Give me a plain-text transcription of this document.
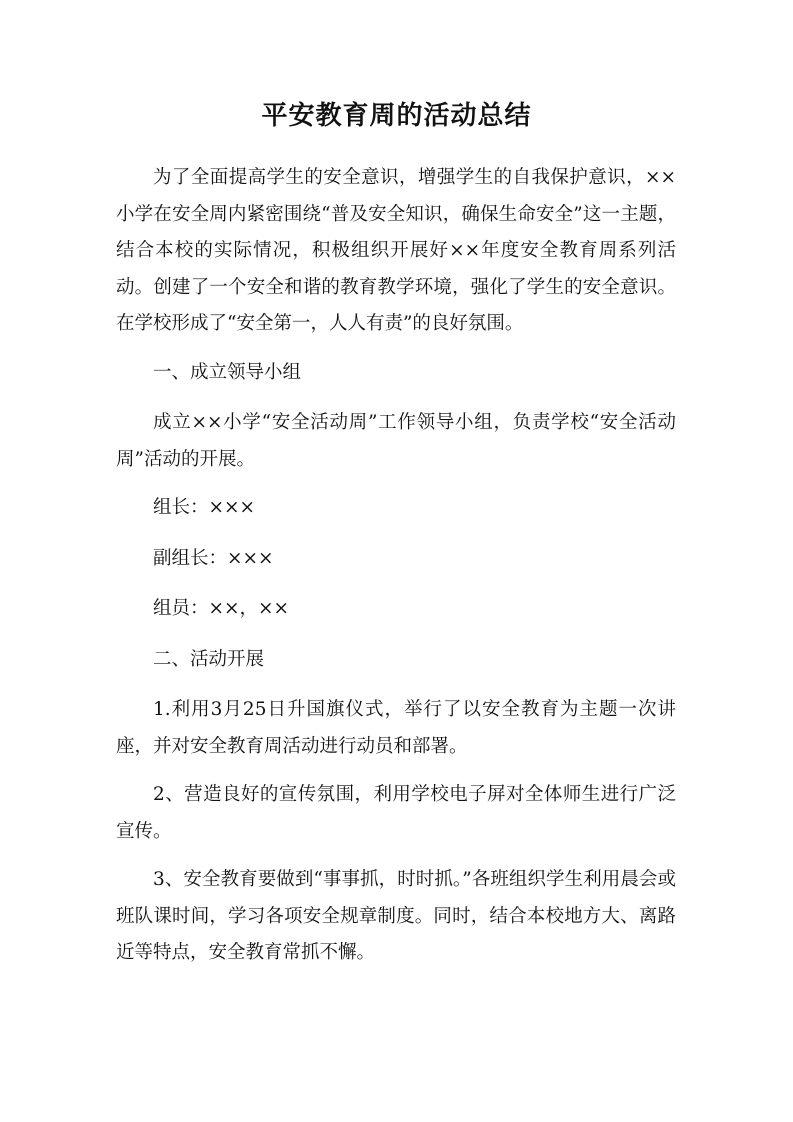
平安教育周的活动总结

为了全面提高学生的安全意识，增强学生的自我保护意识，××小学在安全周内紧密围绕“普及安全知识，确保生命安全”这一主题，结合本校的实际情况，积极组织开展好××年度安全教育周系列活动。创建了一个安全和谐的教育教学环境，强化了学生的安全意识。在学校形成了“安全第一，人人有责”的良好氛围。

一、成立领导小组

成立××小学“安全活动周”工作领导小组，负责学校“安全活动周”活动的开展。

组长：×××

副组长：×××

组员：××，××

二、活动开展

1.利用3月25日升国旗仪式，举行了以安全教育为主题一次讲座，并对安全教育周活动进行动员和部署。

2、营造良好的宣传氛围，利用学校电子屏对全体师生进行广泛宣传。

3、安全教育要做到“事事抓，时时抓。”各班组织学生利用晨会或班队课时间，学习各项安全规章制度。同时，结合本校地方大、离路近等特点，安全教育常抓不懈。
